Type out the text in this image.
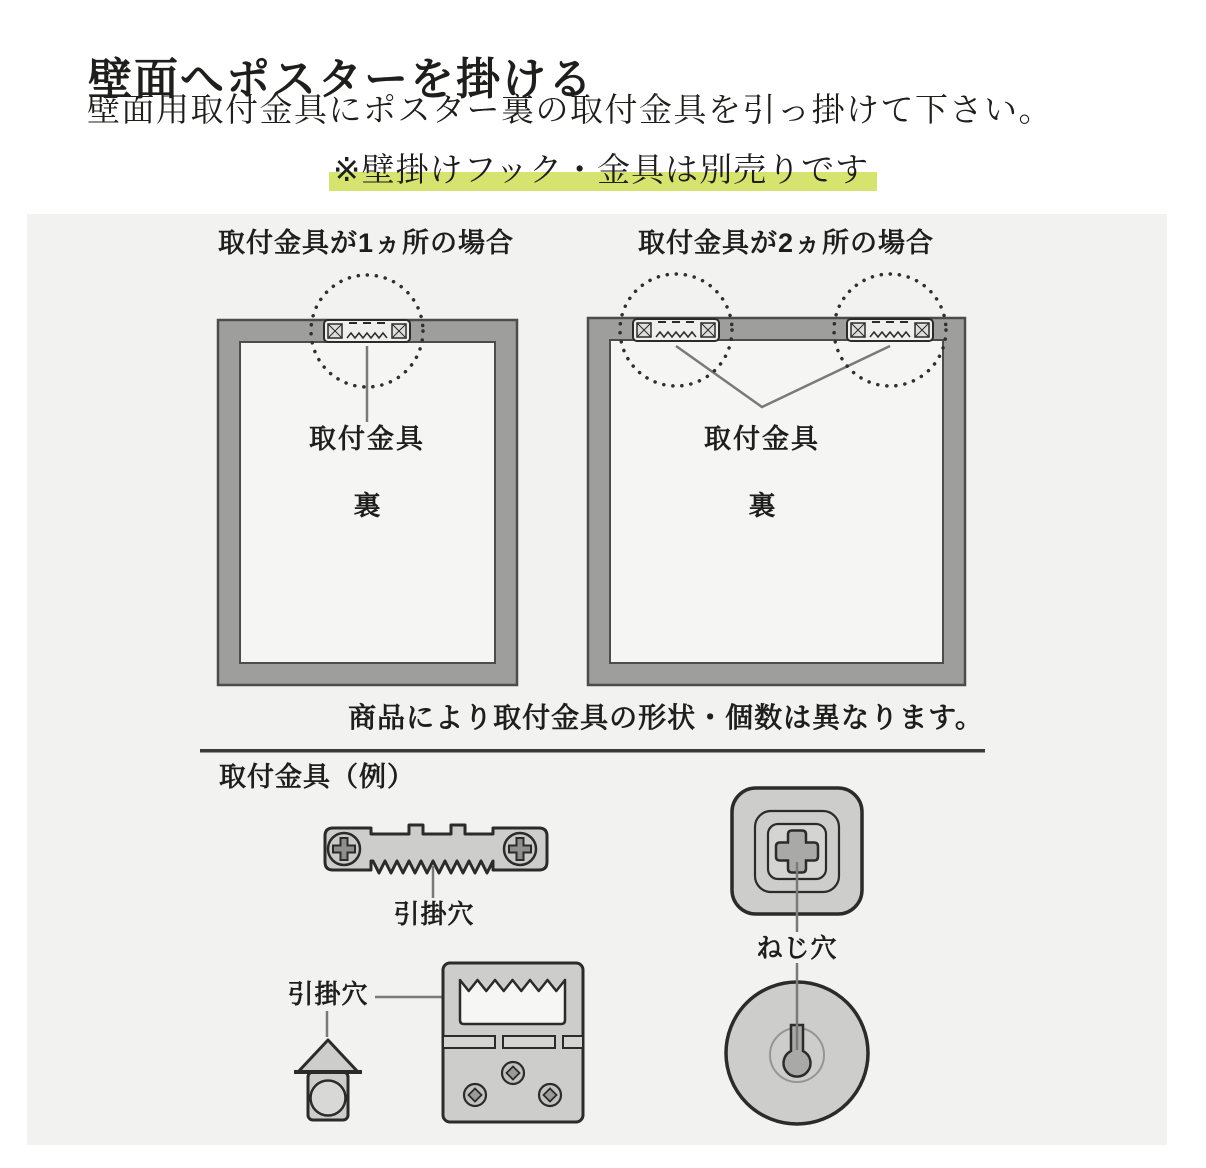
壁面へポスターを掛ける
壁面用取付金具にポスター裏の取付金具を引っ掛けて下さい。
※壁掛けフック・金具は別売りです
取付金具が1ヵ所の場合	取付金具が2ヵ所の場合
取付金具
裏
取付金具
裏
商品により取付金具の形状・個数は異なります。
取付金具（例）
引掛穴
引掛穴
ねじ穴
